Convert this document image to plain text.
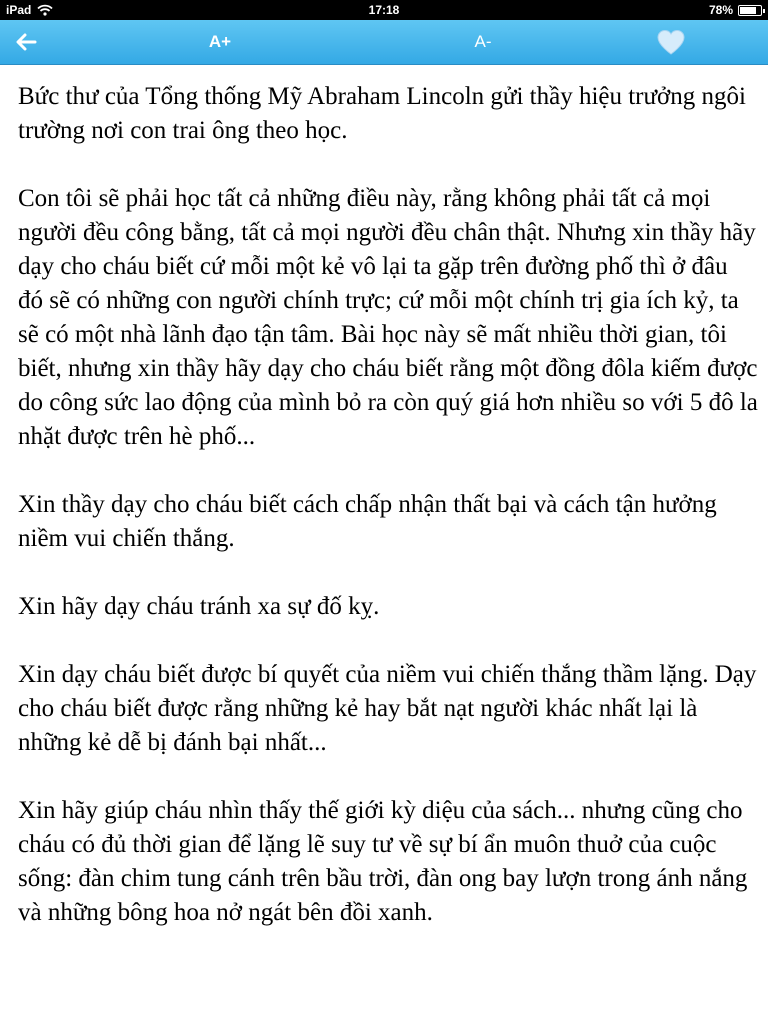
iPad	17:18	78%
A+	A-

Bức thư của Tổng thống Mỹ Abraham Lincoln gửi thầy hiệu trưởng ngôi trường nơi con trai ông theo học.

Con tôi sẽ phải học tất cả những điều này, rằng không phải tất cả mọi người đều công bằng, tất cả mọi người đều chân thật. Nhưng xin thầy hãy dạy cho cháu biết cứ mỗi một kẻ vô lại ta gặp trên đường phố thì ở đâu đó sẽ có những con người chính trực; cứ mỗi một chính trị gia ích kỷ, ta sẽ có một nhà lãnh đạo tận tâm. Bài học này sẽ mất nhiều thời gian, tôi biết, nhưng xin thầy hãy dạy cho cháu biết rằng một đồng đôla kiếm được do công sức lao động của mình bỏ ra còn quý giá hơn nhiều so với 5 đô la nhặt được trên hè phố...

Xin thầy dạy cho cháu biết cách chấp nhận thất bại và cách tận hưởng niềm vui chiến thắng.

Xin hãy dạy cháu tránh xa sự đố kỵ.

Xin dạy cháu biết được bí quyết của niềm vui chiến thắng thầm lặng. Dạy cho cháu biết được rằng những kẻ hay bắt nạt người khác nhất lại là những kẻ dễ bị đánh bại nhất...

Xin hãy giúp cháu nhìn thấy thế giới kỳ diệu của sách... nhưng cũng cho cháu có đủ thời gian để lặng lẽ suy tư về sự bí ẩn muôn thuở của cuộc sống: đàn chim tung cánh trên bầu trời, đàn ong bay lượn trong ánh nắng và những bông hoa nở ngát bên đồi xanh.
